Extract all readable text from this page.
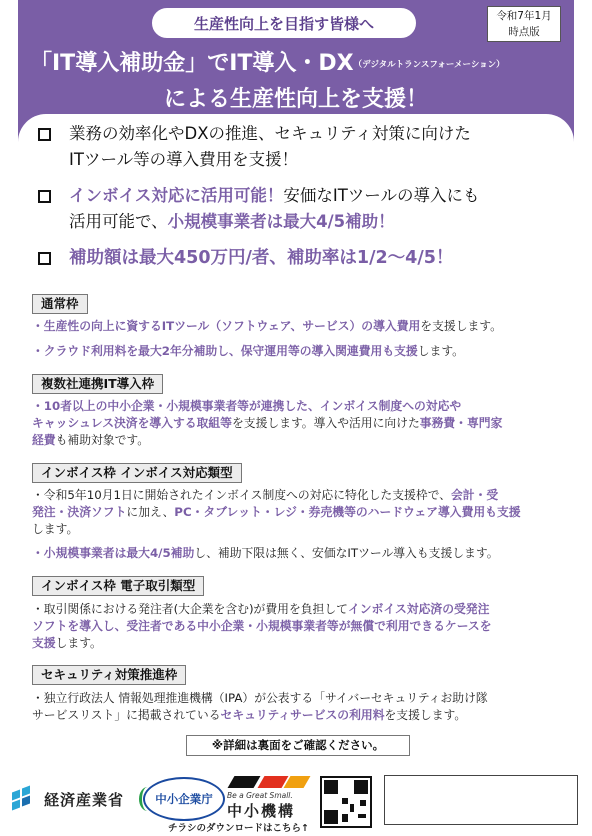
生産性向上を目指す皆様へ	令和7年1月
時点版
「IT導入補助金」でIT導入・DX（デジタルトランスフォーメーション）
による生産性向上を支援！
業務の効率化やDXの推進、セキュリティ対策に向けた
ITツール等の導入費用を支援！
インボイス対応に活用可能！安価なITツールの導入にも
活用可能で、小規模事業者は最大4/5補助！
補助額は最大450万円/者、補助率は1/2～4/5！
通常枠
・生産性の向上に資するITツール（ソフトウェア、サービス）の導入費用を支援します。
・クラウド利用料を最大2年分補助し、保守運用等の導入関連費用も支援します。
複数社連携IT導入枠
・10者以上の中小企業・小規模事業者等が連携した、インボイス制度への対応や
キャッシュレス決済を導入する取組等を支援します。導入や活用に向けた事務費・専門家
経費も補助対象です。
インボイス枠 インボイス対応類型
・令和5年10月1日に開始されたインボイス制度への対応に特化した支援枠で、会計・受
発注・決済ソフトに加え、PC・タブレット・レジ・券売機等のハードウェア導入費用も支援
します。
・小規模事業者は最大4/5補助し、補助下限は無く、安価なITツール導入も支援します。
インボイス枠 電子取引類型
・取引関係における発注者(大企業を含む)が費用を負担してインボイス対応済の受発注
ソフトを導入し、受注者である中小企業・小規模事業者等が無償で利用できるケースを
支援します。
セキュリティ対策推進枠
・独立行政法人 情報処理推進機構（IPA）が公表する「サイバーセキュリティお助け隊
サービスリスト」に掲載されているセキュリティサービスの利用料を支援します。
※詳細は裏面をご確認ください。
経済産業省	中小企業庁	Be a Great Small.
中小機構
チラシのダウンロードはこちら↑
